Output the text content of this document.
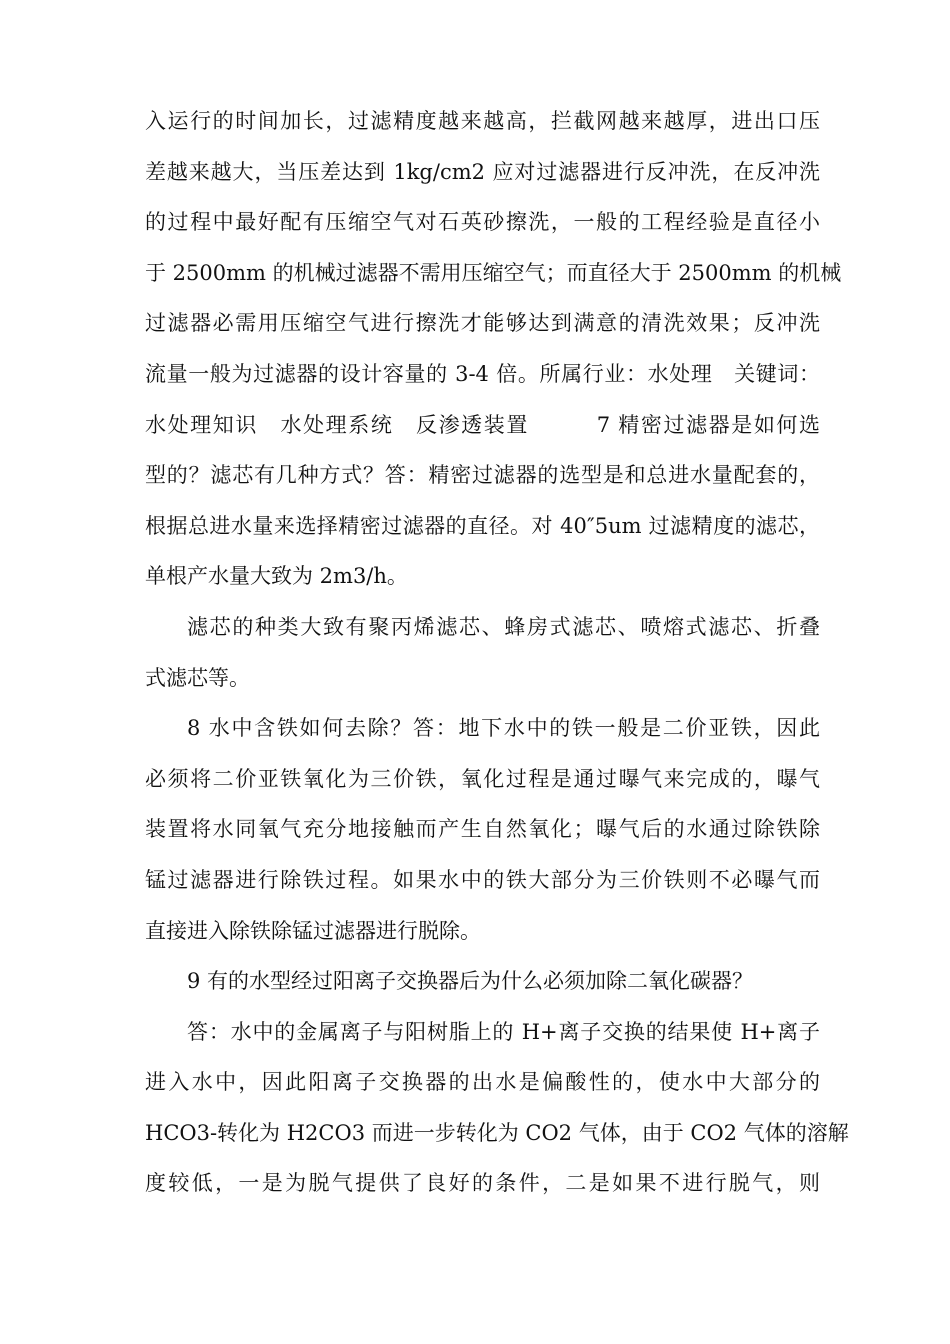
入运行的时间加长，过滤精度越来越高，拦截网越来越厚，进出口压
差越来越大，当压差达到 1kg/cm2 应对过滤器进行反冲洗，在反冲洗
的过程中最好配有压缩空气对石英砂擦洗，一般的工程经验是直径小
于 2500mm 的机械过滤器不需用压缩空气；而直径大于 2500mm 的机械
过滤器必需用压缩空气进行擦洗才能够达到满意的清洗效果；反冲洗
流量一般为过滤器的设计容量的 3-4 倍。所属行业：水处理　关键词：
水处理知识　水处理系统　反渗透装置　　　7 精密过滤器是如何选
型的？滤芯有几种方式？答：精密过滤器的选型是和总进水量配套的，
根据总进水量来选择精密过滤器的直径。对 40″5um 过滤精度的滤芯，
单根产水量大致为 2m3/h。
滤芯的种类大致有聚丙烯滤芯、蜂房式滤芯、喷熔式滤芯、折叠
式滤芯等。
8 水中含铁如何去除？答：地下水中的铁一般是二价亚铁，因此
必须将二价亚铁氧化为三价铁，氧化过程是通过曝气来完成的，曝气
装置将水同氧气充分地接触而产生自然氧化；曝气后的水通过除铁除
锰过滤器进行除铁过程。如果水中的铁大部分为三价铁则不必曝气而
直接进入除铁除锰过滤器进行脱除。
9 有的水型经过阳离子交换器后为什么必须加除二氧化碳器？
答：水中的金属离子与阳树脂上的 H+离子交换的结果使 H+离子
进入水中，因此阳离子交换器的出水是偏酸性的，使水中大部分的
HCO3-转化为 H2CO3 而进一步转化为 CO2 气体，由于 CO2 气体的溶解
度较低，一是为脱气提供了良好的条件，二是如果不进行脱气，则
